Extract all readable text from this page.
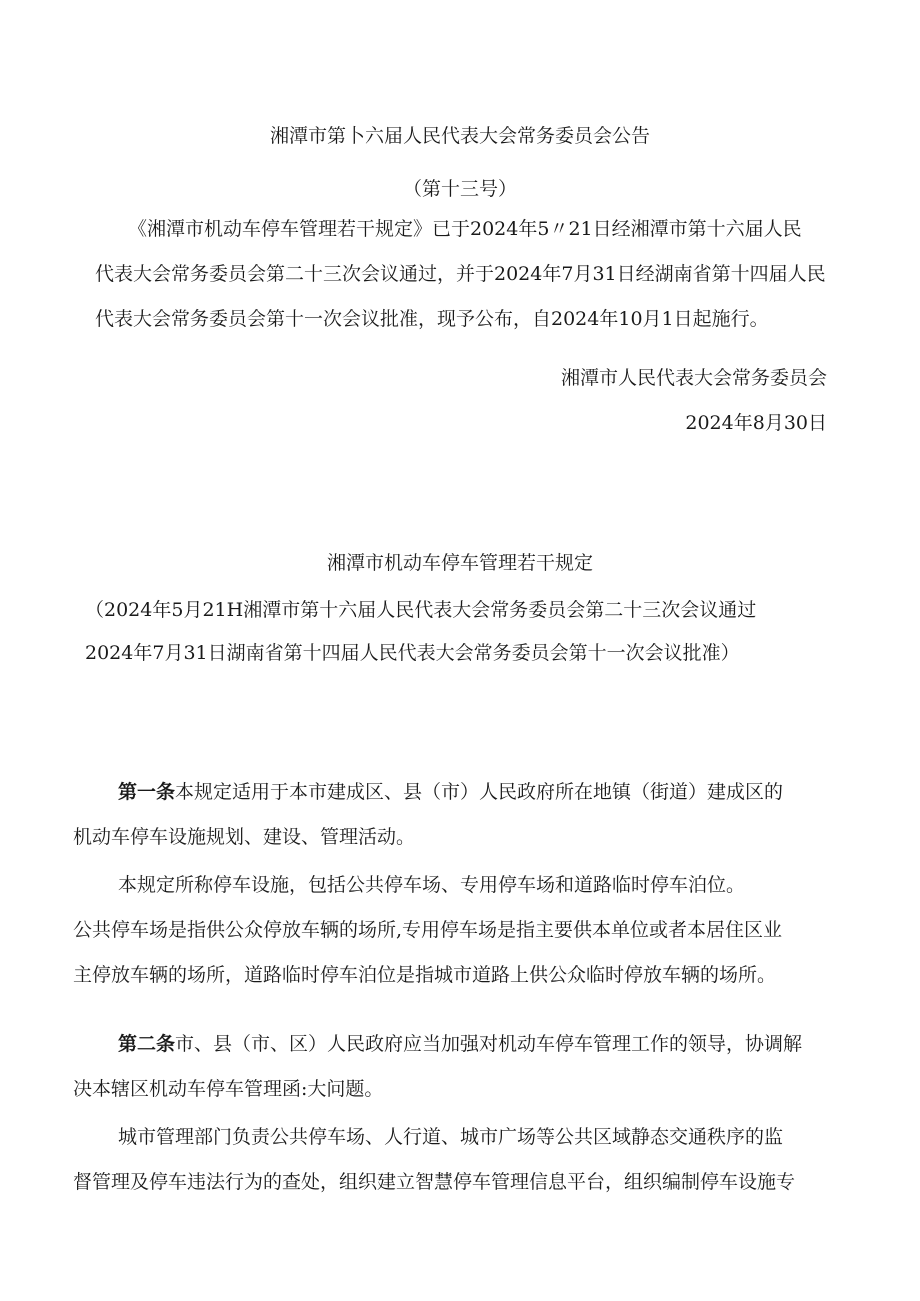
湘潭市第卜六届人民代表大会常务委员会公告
（第十三号）
《湘潭市机动车停车管理若干规定》已于2024年5〃21日经湘潭市第十六届人民
代表大会常务委员会第二十三次会议通过，并于2024年7月31日经湖南省第十四届人民
代表大会常务委员会第十一次会议批准，现予公布，自2024年10月1日起施行。
湘潭市人民代表大会常务委员会
2024年8月30日
湘潭市机动车停车管理若干规定
（2024年5月21H湘潭市第十六届人民代表大会常务委员会第二十三次会议通过
2024年7月31日湖南省第十四届人民代表大会常务委员会第十一次会议批准）
第一条本规定适用于本市建成区、县（市）人民政府所在地镇（街道）建成区的
机动车停车设施规划、建设、管理活动。
本规定所称停车设施，包括公共停车场、专用停车场和道路临时停车泊位。
公共停车场是指供公众停放车辆的场所,专用停车场是指主要供本单位或者本居住区业
主停放车辆的场所，道路临时停车泊位是指城市道路上供公众临时停放车辆的场所。
第二条市、县（市、区）人民政府应当加强对机动车停车管理工作的领导，协调解
决本辖区机动车停车管理函:大问题。
城市管理部门负责公共停车场、人行道、城市广场等公共区域静态交通秩序的监
督管理及停车违法行为的查处，组织建立智慧停车管理信息平台，组织编制停车设施专
